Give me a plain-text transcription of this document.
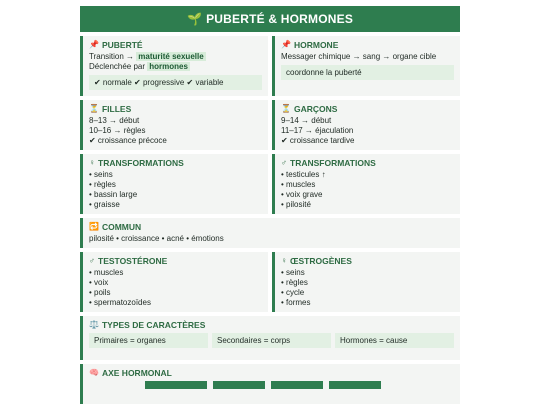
🌱 PUBERTÉ & HORMONES
📌 PUBERTÉ
Transition → maturité sexuelle
Déclenchée par hormones
✔ normale ✔ progressive ✔ variable
📌 HORMONE
Messager chimique → sang → organe cible
coordonne la puberté
⏳ FILLES
8–13 → début
10–16 → règles
✔ croissance précoce
⏳ GARÇONS
9–14 → début
11–17 → éjaculation
✔ croissance tardive
♀ TRANSFORMATIONS
• seins
• règles
• bassin large
• graisse
♂ TRANSFORMATIONS
• testicules ↑
• muscles
• voix grave
• pilosité
🔁 COMMUN
pilosité • croissance • acné • émotions
♂ TESTOSTÉRONE
• muscles
• voix
• poils
• spermatozoïdes
♀ ŒSTROGÈNES
• seins
• règles
• cycle
• formes
⚖️ TYPES DE CARACTÈRES
Primaires = organes	Secondaires = corps	Hormones = cause
🧠 AXE HORMONAL
